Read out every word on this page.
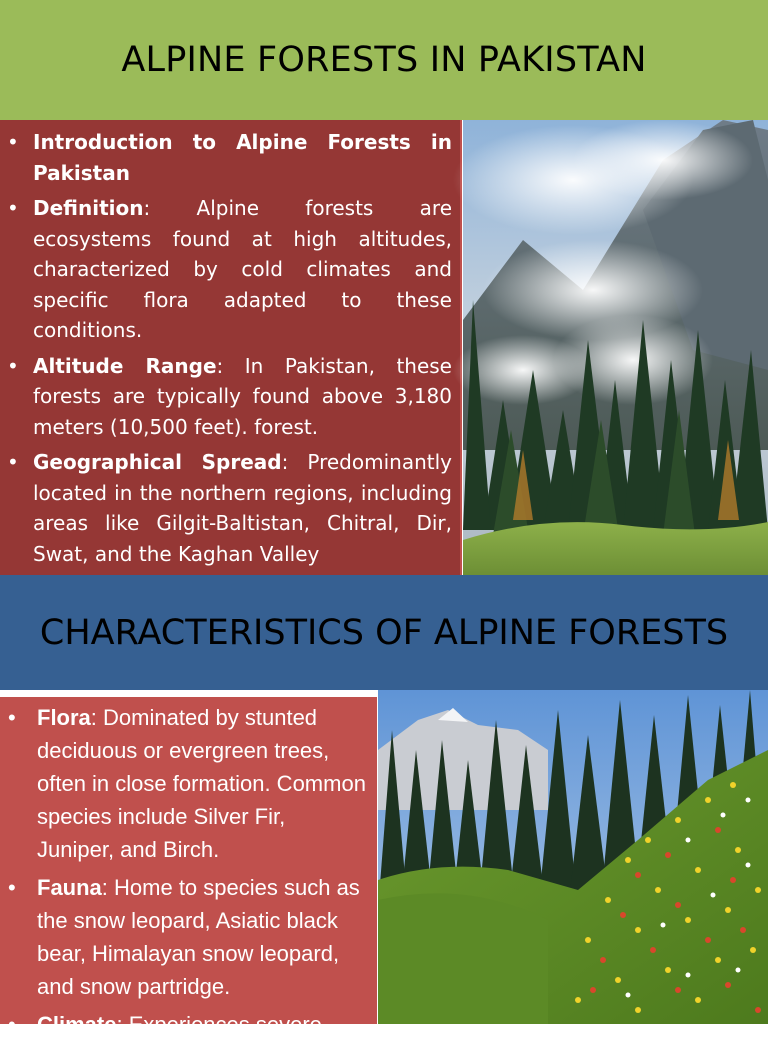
ALPINE FORESTS IN PAKISTAN
• Introduction to Alpine Forests in Pakistan
• Definition: Alpine forests are ecosystems found at high altitudes, characterized by cold climates and specific flora adapted to these conditions.
• Altitude Range: In Pakistan, these forests are typically found above 3,180 meters (10,500 feet). forest.
• Geographical Spread: Predominantly located in the northern regions, including areas like Gilgit-Baltistan, Chitral, Dir, Swat, and the Kaghan Valley
CHARACTERISTICS OF ALPINE FORESTS
• Flora: Dominated by stunted deciduous or evergreen trees, often in close formation. Common species include Silver Fir, Juniper, and Birch.
• Fauna: Home to species such as the snow leopard, Asiatic black bear, Himalayan snow leopard, and snow partridge.
• Climate: Experiences severe
